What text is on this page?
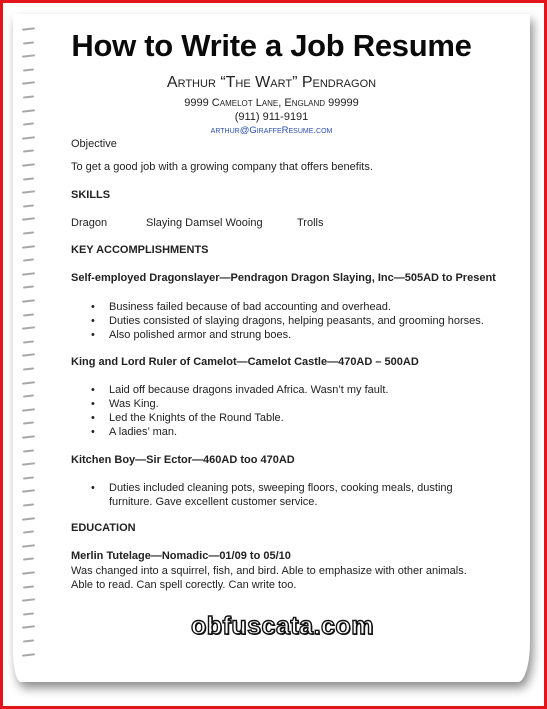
How to Write a Job Resume
Arthur “The Wart” Pendragon
9999 Camelot Lane, England 99999
(911) 911-9191
arthur@GiraffeResume.com
Objective
To get a good job with a growing company that offers benefits.
SKILLS
Dragon	Slaying Damsel Wooing	Trolls
KEY ACCOMPLISHMENTS
Self-employed Dragonslayer—Pendragon Dragon Slaying, Inc—505AD to Present
• Business failed because of bad accounting and overhead.
• Duties consisted of slaying dragons, helping peasants, and grooming horses.
• Also polished armor and strung boes.
King and Lord Ruler of Camelot—Camelot Castle—470AD – 500AD
• Laid off because dragons invaded Africa. Wasn’t my fault.
• Was King.
• Led the Knights of the Round Table.
• A ladies’ man.
Kitchen Boy—Sir Ector—460AD too 470AD
• Duties included cleaning pots, sweeping floors, cooking meals, dusting furniture. Gave excellent customer service.
EDUCATION
Merlin Tutelage—Nomadic—01/09 to 05/10
Was changed into a squirrel, fish, and bird. Able to emphasize with other animals. Able to read. Can spell corectly. Can write too.
obfuscata.com
